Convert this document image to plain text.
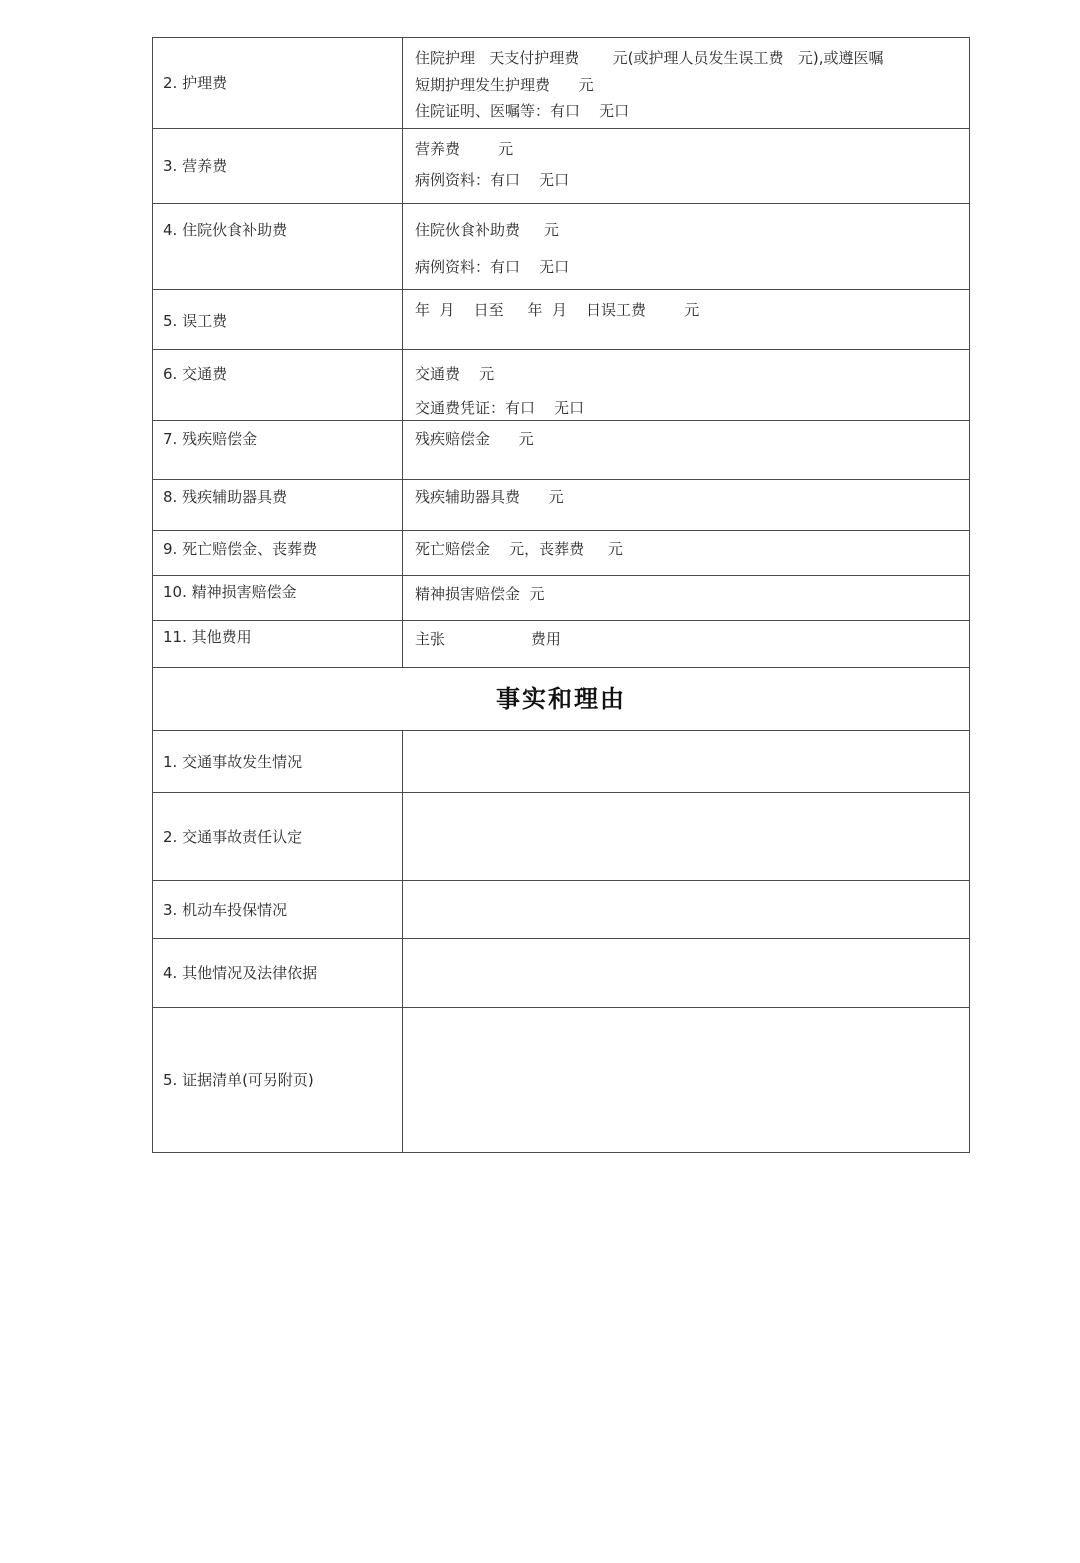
2. 护理费	住院护理   天支付护理费       元(或护理人员发生误工费   元),或遵医嘱
短期护理发生护理费      元
住院证明、医嘱等：有口    无口

3. 营养费	营养费        元
病例资料：有口    无口

4. 住院伙食补助费	住院伙食补助费     元
病例资料：有口    无口

5. 误工费	年  月    日至     年  月    日误工费        元

6. 交通费	交通费    元
交通费凭证：有口    无口

7. 残疾赔偿金	残疾赔偿金      元

8. 残疾辅助器具费	残疾辅助器具费      元

9. 死亡赔偿金、丧葬费	死亡赔偿金    元，丧葬费     元

10. 精神损害赔偿金	精神损害赔偿金  元

11. 其他费用	主张                  费用

事实和理由	

1. 交通事故发生情况	

2. 交通事故责任认定	

3. 机动车投保情况	

4. 其他情况及法律依据	

5. 证据清单(可另附页)	
